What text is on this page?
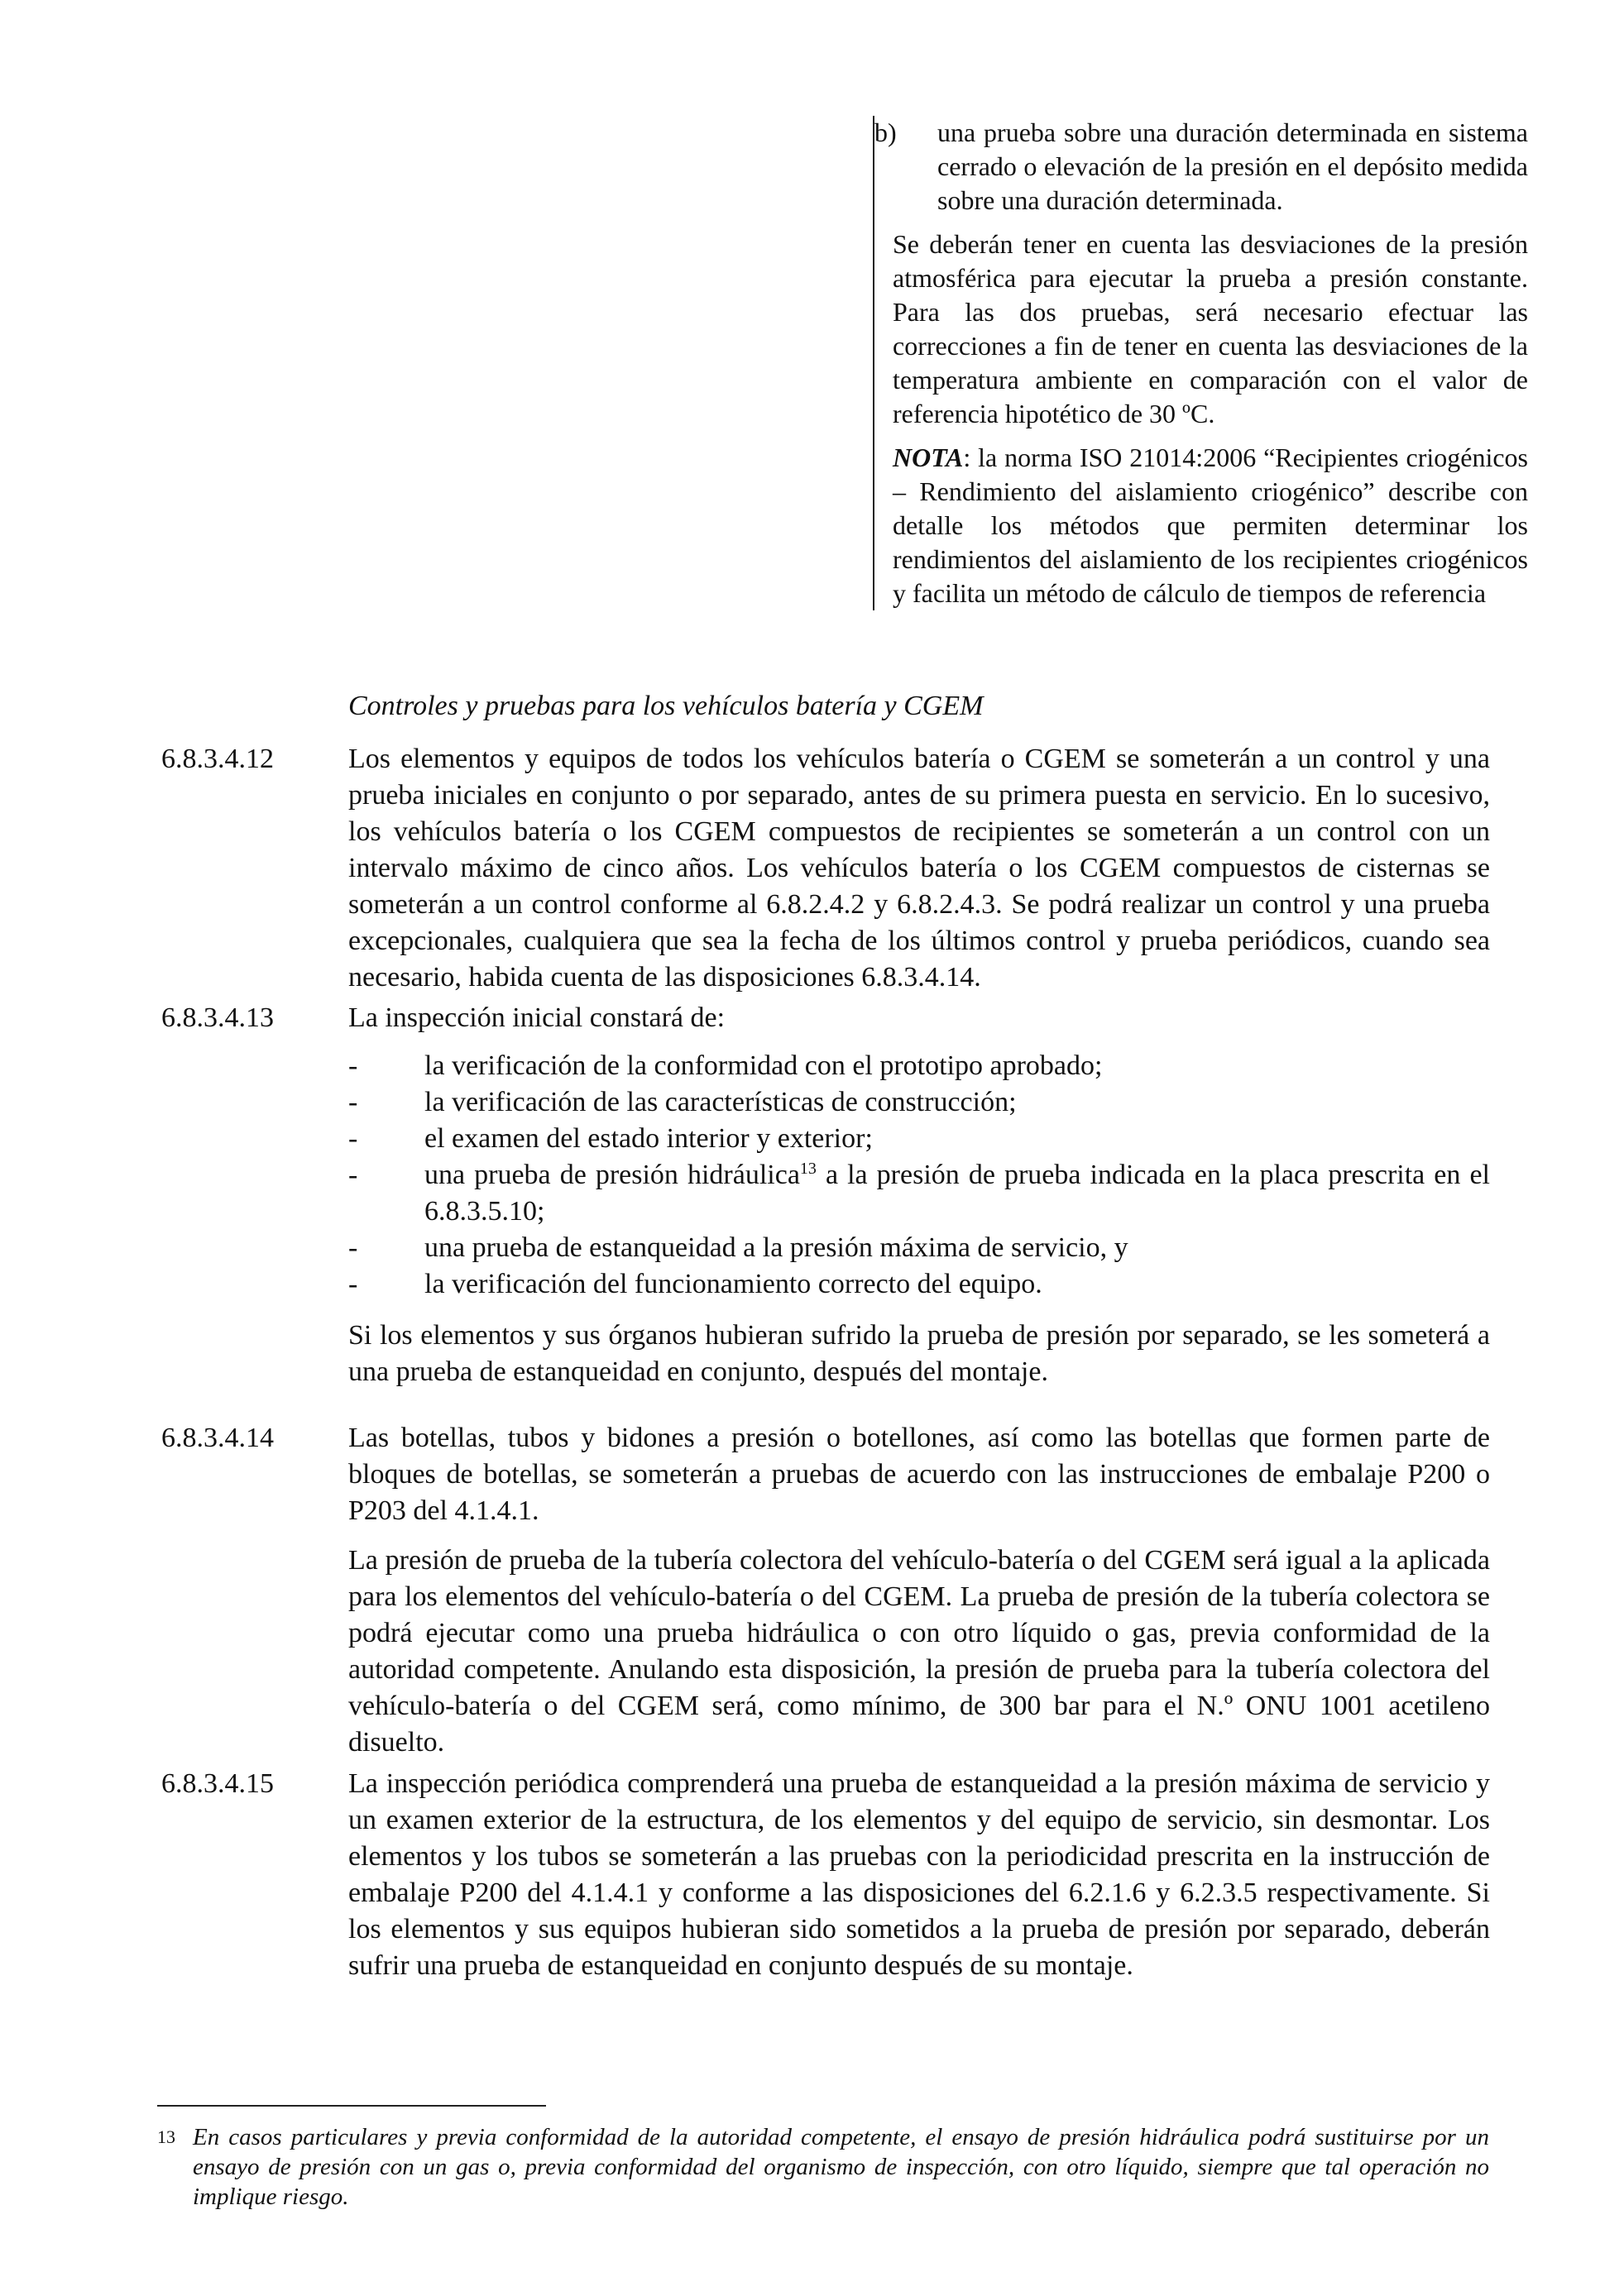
b)	una prueba sobre una duración determinada en sistema cerrado o elevación de la presión en el depósito medida sobre una duración determinada.

Se deberán tener en cuenta las desviaciones de la presión atmosférica para ejecutar la prueba a presión constante. Para las dos pruebas, será necesario efectuar las correcciones a fin de tener en cuenta las desviaciones de la temperatura ambiente en comparación con el valor de referencia hipotético de 30 ºC.

NOTA: la norma ISO 21014:2006 “Recipientes criogénicos – Rendimiento del aislamiento criogénico” describe con detalle los métodos que permiten determinar los rendimientos del aislamiento de los recipientes criogénicos y facilita un método de cálculo de tiempos de referencia

Controles y pruebas para los vehículos batería y CGEM
6.8.3.4.12	Los elementos y equipos de todos los vehículos batería o CGEM se someterán a un control y una prueba iniciales en conjunto o por separado, antes de su primera puesta en servicio. En lo sucesivo, los vehículos batería o los CGEM compuestos de recipientes se someterán a un control con un intervalo máximo de cinco años. Los vehículos batería o los CGEM compuestos de cisternas se someterán a un control conforme al 6.8.2.4.2 y 6.8.2.4.3. Se podrá realizar un control y una prueba excepcionales, cualquiera que sea la fecha de los últimos control y prueba periódicos, cuando sea necesario, habida cuenta de las disposiciones 6.8.3.4.14.

6.8.3.4.13	La inspección inicial constará de:

- la verificación de la conformidad con el prototipo aprobado;
- la verificación de las características de construcción;
- el examen del estado interior y exterior;
- una prueba de presión hidráulica$^{13}$ a la presión de prueba indicada en la placa prescrita en el 6.8.3.5.10;
- una prueba de estanqueidad a la presión máxima de servicio, y
- la verificación del funcionamiento correcto del equipo.

Si los elementos y sus órganos hubieran sufrido la prueba de presión por separado, se les someterá a una prueba de estanqueidad en conjunto, después del montaje.

6.8.3.4.14	Las botellas, tubos y bidones a presión o botellones, así como las botellas que formen parte de bloques de botellas, se someterán a pruebas de acuerdo con las instrucciones de embalaje P200 o P203 del 4.1.4.1.

La presión de prueba de la tubería colectora del vehículo-batería o del CGEM será igual a la aplicada para los elementos del vehículo-batería o del CGEM. La prueba de presión de la tubería colectora se podrá ejecutar como una prueba hidráulica o con otro líquido o gas, previa conformidad de la autoridad competente. Anulando esta disposición, la presión de prueba para la tubería colectora del vehículo-batería o del CGEM será, como mínimo, de 300 bar para el N.º ONU 1001 acetileno disuelto.

6.8.3.4.15	La inspección periódica comprenderá una prueba de estanqueidad a la presión máxima de servicio y un examen exterior de la estructura, de los elementos y del equipo de servicio, sin desmontar. Los elementos y los tubos se someterán a las pruebas con la periodicidad prescrita en la instrucción de embalaje P200 del 4.1.4.1 y conforme a las disposiciones del 6.2.1.6 y 6.2.3.5 respectivamente. Si los elementos y sus equipos hubieran sido sometidos a la prueba de presión por separado, deberán sufrir una prueba de estanqueidad en conjunto después de su montaje.

13 En casos particulares y previa conformidad de la autoridad competente, el ensayo de presión hidráulica podrá sustituirse por un ensayo de presión con un gas o, previa conformidad del organismo de inspección, con otro líquido, siempre que tal operación no implique riesgo.
